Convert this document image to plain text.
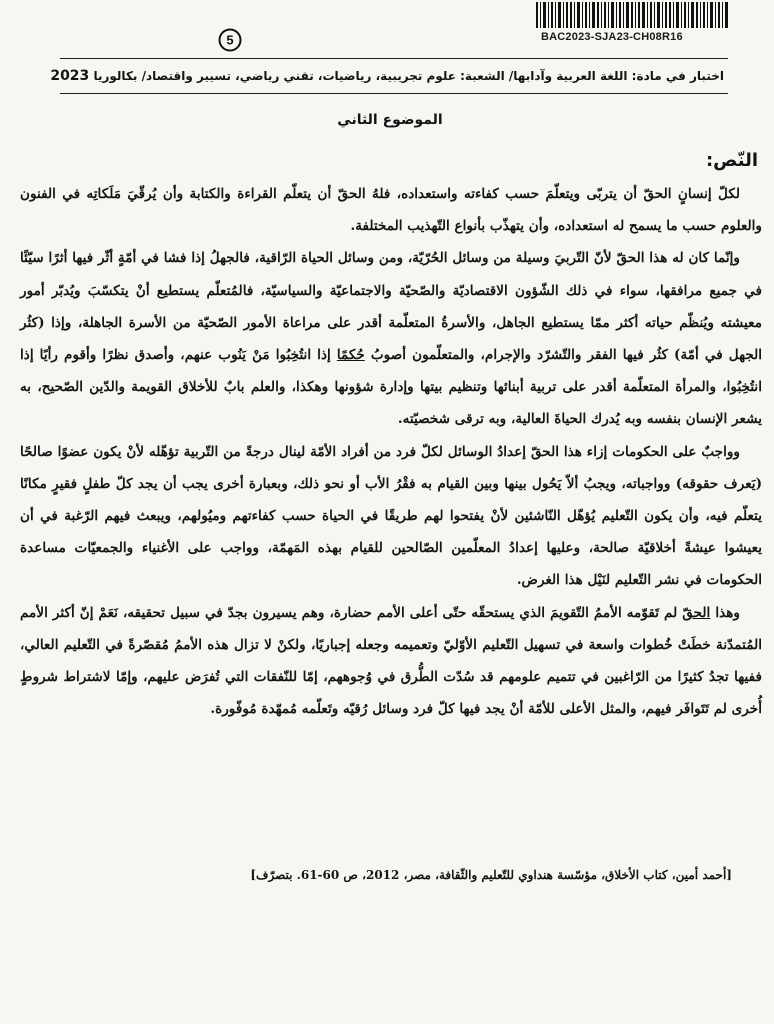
5	BAC2023-SJA23-CH08R16
اختبار في مادة: اللغة العربية وآدابها/ الشعبة: علوم تجريبية، رياضيات، تقني رياضي، تسيير واقتصاد/ بكالوريا

2023
الموضوع الثاني
النّص:

لكلّ إنسانٍ الحقّ أن يتربّى ويتعلّمَ حسب كفاءته واستعداده، فلهُ الحقّ أن يتعلّم القراءة والكتابة وأن يُرقّيَ مَلَكاتِه في الفنون والعلوم حسب ما يسمح له استعداده، وأن يتهذّب بأنواع التّهذيب المختلفة.

وإنّما كان له هذا الحقّ لأنّ التّربيَ وسيلة من وسائل الحُرّيّة، ومن وسائل الحياة الرّاقية، فالجهلُ إذا فشا في أمّةٍ أثّر فيها أثرًا سيّئًا في جميع مرافقها، سواء في ذلك الشّؤون الاقتصاديّة والصّحيّة والاجتماعيّة والسياسيّة، فالمُتعلّم يستطيع أنْ يتكسّبَ ويُدبّر أمور معيشته ويُنظّم حياته أكثر ممّا يستطيع الجاهل، والأسرةُ المتعلّمة أقدر على مراعاة الأمور الصّحيّة من الأسرة الجاهلة، وإذا (كثُر الجهل في أمّة) كثُر فيها الفقر والتّشرّد والإجرام، والمتعلّمون أصوبُ حُكمًا إذا انتُخِبُوا مَنْ يَنُوب عنهم، وأصدق نظرًا وأقوم رأيًا إذا انتُخِبُوا، والمرأة المتعلّمة أقدر على تربية أبنائها وتنظيم بيتها وإدارة شؤونها وهكذا، والعلم بابٌ للأخلاق القويمة والدّين الصّحيح، به يشعر الإنسان بنفسه وبه يُدرك الحياةَ العالية، وبه ترقى شخصيّته.

وواجبٌ على الحكومات إزاء هذا الحقّ إعدادُ الوسائل لكلّ فرد من أفراد الأمّة لينال درجةً من التّربية تؤهّله لأنْ يكون عضوًا صالحًا (يَعرف حقوقه) وواجباته، ويجبُ ألاّ يَحُول بينها وبين القيام به فقْرُ الأب أو نحو ذلك، وبعبارة أخرى يجب أن يجد كلّ طفلٍ فقيرٍ مكانًا يتعلّم فيه، وأن يكون التّعليم يُؤهّل النّاشئين لأنْ يفتحوا لهم طريقًا في الحياة حسب كفاءتهم وميُولهم، ويبعث فيهم الرّغبة في أن يعيشوا عيشةً أخلاقيّة صالحة، وعليها إعدادُ المعلّمين الصّالحين للقيام بهذه المَهمّة، وواجب على الأغنياء والجمعيّات مساعدة الحكومات في نشر التّعليم لنَيْل هذا الغرض.

وهذا الحقّ لم تَقوّمه الأممُ التّقويمَ الذي يستحقّه حتّى أعلى الأمم حضارة، وهم يسيرون بجدّ في سبيل تحقيقه، نَعَمْ إنّ أكثر الأمم المُتمدّنة خطَتْ خُطوات واسعة في تسهيل التّعليم الأوّليّ وتعميمه وجعله إجباريًا، ولكنْ لا تزال هذه الأممُ مُقصّرةً في التّعليم العالي، ففيها تجدُ كثيرًا من الرّاغبين في تتميم علومهم قد سُدّت الطُّرق في وُجوههم، إمّا للنّفقات التي تُفرَض عليهم، وإمّا لاشتراط شروطٍ أُخرى لم تَتَوافَر فيهم، والمثل الأعلى للأمّة أنْ يجد فيها كلّ فرد وسائل رُقيّه وتَعلّمه مُمهّدة مُوفّورة.

[أحمد أمين، كتاب الأخلاق، مؤسّسة هنداوي للتّعليم والثّقافة، مصر، 2012، ص 60-61. بتصرّف]
